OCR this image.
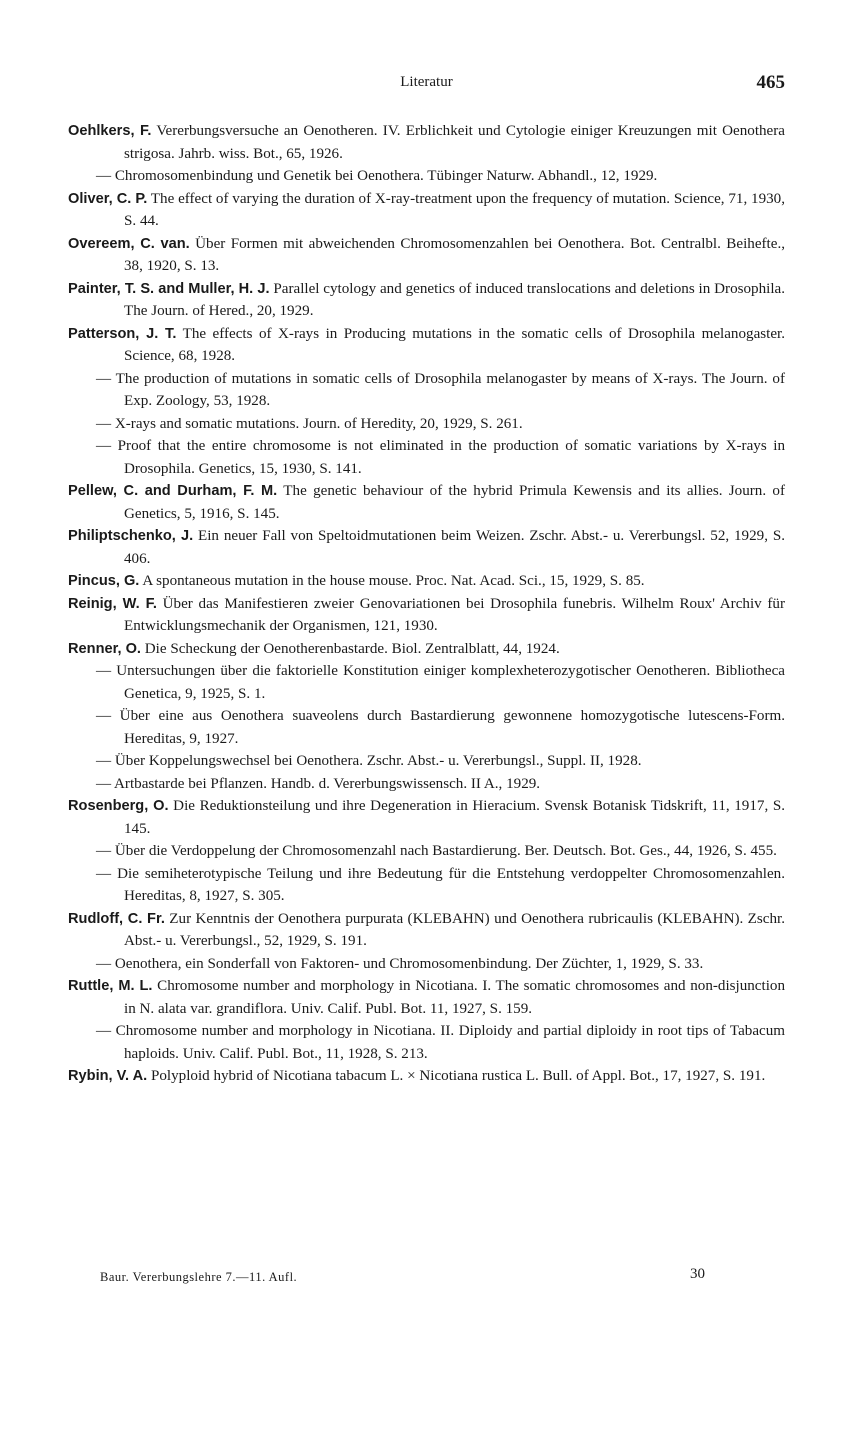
Literatur	465

Oehlkers, F. Vererbungsversuche an Oenotheren. IV. Erblichkeit und Cytologie einiger Kreuzungen mit Oenothera strigosa. Jahrb. wiss. Bot., 65, 1926.

— Chromosomenbindung und Genetik bei Oenothera. Tübinger Naturw. Abhandl., 12, 1929.

Oliver, C. P. The effect of varying the duration of X-ray-treatment upon the frequency of mutation. Science, 71, 1930, S. 44.

Overeem, C. van. Über Formen mit abweichenden Chromosomenzahlen bei Oenothera. Bot. Centralbl. Beihefte., 38, 1920, S. 13.

Painter, T. S. and Muller, H. J. Parallel cytology and genetics of induced translocations and deletions in Drosophila. The Journ. of Hered., 20, 1929.

Patterson, J. T. The effects of X-rays in Producing mutations in the somatic cells of Drosophila melanogaster. Science, 68, 1928.

— The production of mutations in somatic cells of Drosophila melanogaster by means of X-rays. The Journ. of Exp. Zoology, 53, 1928.

— X-rays and somatic mutations. Journ. of Heredity, 20, 1929, S. 261.

— Proof that the entire chromosome is not eliminated in the production of somatic variations by X-rays in Drosophila. Genetics, 15, 1930, S. 141.

Pellew, C. and Durham, F. M. The genetic behaviour of the hybrid Primula Kewensis and its allies. Journ. of Genetics, 5, 1916, S. 145.

Philiptschenko, J. Ein neuer Fall von Speltoidmutationen beim Weizen. Zschr. Abst.- u. Vererbungsl. 52, 1929, S. 406.

Pincus, G. A spontaneous mutation in the house mouse. Proc. Nat. Acad. Sci., 15, 1929, S. 85.

Reinig, W. F. Über das Manifestieren zweier Genovariationen bei Drosophila funebris. Wilhelm Roux' Archiv für Entwicklungsmechanik der Organismen, 121, 1930.

Renner, O. Die Scheckung der Oenotherenbastarde. Biol. Zentralblatt, 44, 1924.

— Untersuchungen über die faktorielle Konstitution einiger komplexheterozygotischer Oenotheren. Bibliotheca Genetica, 9, 1925, S. 1.

— Über eine aus Oenothera suaveolens durch Bastardierung gewonnene homozygotische lutescens-Form. Hereditas, 9, 1927.

— Über Koppelungswechsel bei Oenothera. Zschr. Abst.- u. Vererbungsl., Suppl. II, 1928.

— Artbastarde bei Pflanzen. Handb. d. Vererbungswissensch. II A., 1929.

Rosenberg, O. Die Reduktionsteilung und ihre Degeneration in Hieracium. Svensk Botanisk Tidskrift, 11, 1917, S. 145.

— Über die Verdoppelung der Chromosomenzahl nach Bastardierung. Ber. Deutsch. Bot. Ges., 44, 1926, S. 455.

— Die semiheterotypische Teilung und ihre Bedeutung für die Entstehung verdoppelter Chromosomenzahlen. Hereditas, 8, 1927, S. 305.

Rudloff, C. Fr. Zur Kenntnis der Oenothera purpurata (KLEBAHN) und Oenothera rubricaulis (KLEBAHN). Zschr. Abst.- u. Vererbungsl., 52, 1929, S. 191.

— Oenothera, ein Sonderfall von Faktoren- und Chromosomenbindung. Der Züchter, 1, 1929, S. 33.

Ruttle, M. L. Chromosome number and morphology in Nicotiana. I. The somatic chromosomes and non-disjunction in N. alata var. grandiflora. Univ. Calif. Publ. Bot. 11, 1927, S. 159.

— Chromosome number and morphology in Nicotiana. II. Diploidy and partial diploidy in root tips of Tabacum haploids. Univ. Calif. Publ. Bot., 11, 1928, S. 213.

Rybin, V. A. Polyploid hybrid of Nicotiana tabacum L. × Nicotiana rustica L. Bull. of Appl. Bot., 17, 1927, S. 191.

Baur. Vererbungslehre 7.—11. Aufl.	30
